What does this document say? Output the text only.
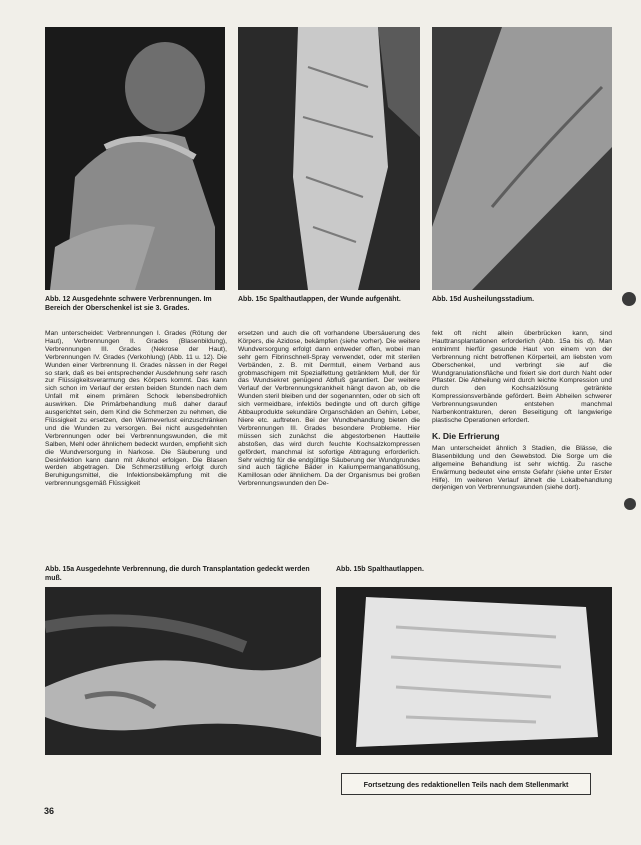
Abb. 12 Ausgedehnte schwere Verbrennungen. Im Bereich der Oberschenkel ist sie 3. Grades.
Abb. 15c Spalthautlappen, der Wunde aufgenäht.	Abb. 15d Ausheilungsstadium.

Man unterscheidet: Verbrennungen I. Grades (Rötung der Haut), Verbrennungen II. Grades (Blasenbildung), Verbrennungen III. Grades (Nekrose der Haut), Verbrennungen IV. Grades (Verkohlung) (Abb. 11 u. 12). Die Wunden einer Verbrennung II. Grades nässen in der Regel so stark, daß es bei entsprechender Ausdehnung sehr rasch zur Flüssigkeitsverarmung des Körpers kommt. Das kann sich schon im Verlauf der ersten beiden Stunden nach dem Unfall mit einem primären Schock lebensbedrohlich auswirken. Die Primärbehandlung muß daher darauf ausgerichtet sein, dem Kind die Schmerzen zu nehmen, die Flüssigkeit zu ersetzen, den Wärmeverlust einzuschränken und die Wunden zu versorgen. Bei nicht ausgedehnten Verbrennungen oder bei Verbrennungswunden, die mit Salben, Mehl oder ähnlichem bedeckt wurden, empfiehlt sich die Wundversorgung in Narkose. Die Säuberung und Desinfektion kann dann mit Alkohol erfolgen. Die Blasen werden abgetragen. Die Schmerzstillung erfolgt durch Beruhigungsmittel, die Infektionsbekämpfung mit die verbrennungsgemäß Flüssigkeit

ersetzen und auch die oft vorhandene Übersäuerung des Körpers, die Azidose, bekämpfen (siehe vorher). Die weitere Wundversorgung erfolgt dann entweder offen, wobei man sehr gern Fibrinschnell-Spray verwendet, oder mit sterilen Verbänden, z. B. mit Dermtull, einem Verband aus grobmaschigem mit Spezialfettung getränktem Mull, der für das Wundsekret genügend Abfluß garantiert. Der weitere Verlauf der Verbrennungskrankheit hängt davon ab, ob die Wunden steril bleiben und der sogenannten, oder ob sich oft sich vermeidbare, infektiös bedingte und oft durch giftige Abbauprodukte sekundäre Organschäden an Gehirn, Leber, Niere etc. auftreten. Bei der Wundbehandlung bieten die Verbrennungen III. Grades besondere Probleme. Hier müssen sich zunächst die abgestorbenen Hautteile abstoßen, das wird durch feuchte Kochsalzkompressen gefördert, manchmal ist sofortige Abtragung erforderlich. Sehr wichtig für die endgültige Säuberung der Wundgrundes sind auch tägliche Bäder in Kaliumpermanganatlösung, Kamillosan oder ähnlichem. Da der Organismus bei großen Verbrennungswunden den De-

fekt oft nicht allein überbrücken kann, sind Hauttransplantationen erforderlich (Abb. 15a bis d). Man entnimmt hierfür gesunde Haut von einem von der Verbrennung nicht betroffenen Körperteil, am liebsten vom Oberschenkel, und verbringt sie auf die Wundgranulationsfläche und fixiert sie dort durch Naht oder Pflaster. Die Abheilung wird durch leichte Kompression und durch den Kochsalzlösung getränkte Kompressionsverbände gefördert. Beim Abheilen schwerer Verbrennungswunden entstehen manchmal Narbenkontrakturen, deren Beseitigung oft langwierige plastische Operationen erfordert.

K. Die Erfrierung

Man unterscheidet ähnlich 3 Stadien, die Blässe, die Blasenbildung und den Gewebstod. Die Sorge um die allgemeine Behandlung ist sehr wichtig. Zu rasche Erwärmung bedeutet eine ernste Gefahr (siehe unter Erster Hilfe). Im weiteren Verlauf ähnelt die Lokalbehandlung derjenigen von Verbrennungswunden (siehe dort).

Abb. 15a Ausgedehnte Verbrennung, die durch Transplantation gedeckt werden muß.
Abb. 15b Spalthautlappen.
Fortsetzung des redaktionellen Teils nach dem Stellenmarkt
36
